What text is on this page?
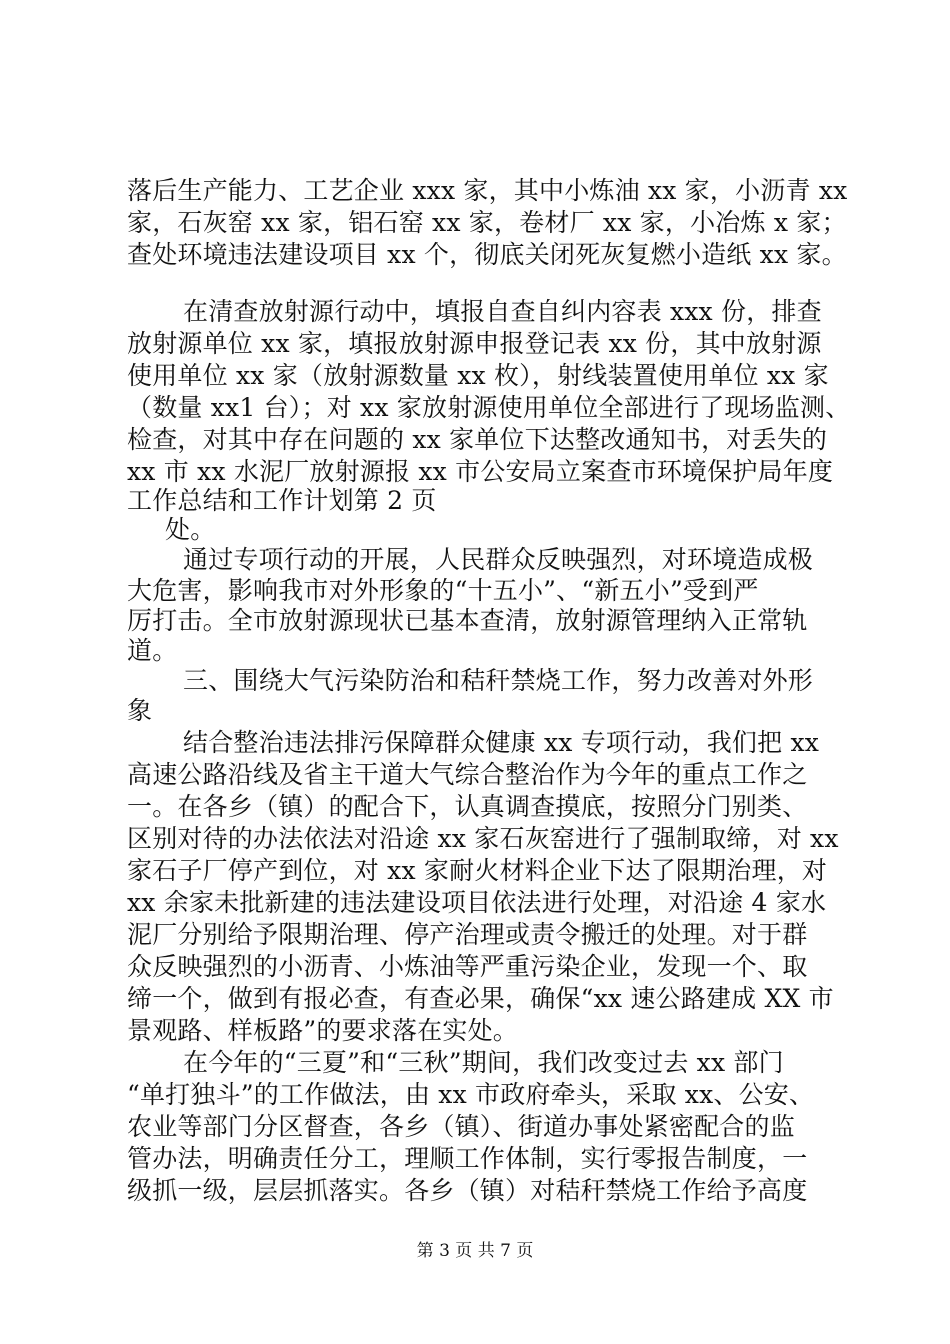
落后生产能力、工艺企业 xxx 家，其中小炼油 xx 家，小沥青 xx
家，石灰窑 xx 家，铝石窑 xx 家，卷材厂 xx 家，小冶炼 x 家；
查处环境违法建设项目 xx 个，彻底关闭死灰复燃小造纸 xx 家。
在清查放射源行动中，填报自查自纠内容表 xxx 份，排查
放射源单位 xx 家，填报放射源申报登记表 xx 份，其中放射源
使用单位 xx 家（放射源数量 xx 枚），射线装置使用单位 xx 家
（数量 xx1 台）；对 xx 家放射源使用单位全部进行了现场监测、
检查，对其中存在问题的 xx 家单位下达整改通知书，对丢失的
xx 市 xx 水泥厂放射源报 xx 市公安局立案查市环境保护局年度
工作总结和工作计划第 2 页
处。
通过专项行动的开展，人民群众反映强烈，对环境造成极
大危害，影响我市对外形象的“十五小”、“新五小”受到严
厉打击。全市放射源现状已基本查清，放射源管理纳入正常轨
道。
三、围绕大气污染防治和秸秆禁烧工作，努力改善对外形
象
结合整治违法排污保障群众健康 xx 专项行动，我们把 xx
高速公路沿线及省主干道大气综合整治作为今年的重点工作之
一。在各乡（镇）的配合下，认真调查摸底，按照分门别类、
区别对待的办法依法对沿途 xx 家石灰窑进行了强制取缔，对 xx
家石子厂停产到位，对 xx 家耐火材料企业下达了限期治理，对
xx 余家未批新建的违法建设项目依法进行处理，对沿途 4 家水
泥厂分别给予限期治理、停产治理或责令搬迁的处理。对于群
众反映强烈的小沥青、小炼油等严重污染企业，发现一个、取
缔一个，做到有报必查，有查必果，确保“xx 速公路建成 XX 市
景观路、样板路”的要求落在实处。
在今年的“三夏”和“三秋”期间，我们改变过去 xx 部门
“单打独斗”的工作做法，由 xx 市政府牵头，采取 xx、公安、
农业等部门分区督查，各乡（镇）、街道办事处紧密配合的监
管办法，明确责任分工，理顺工作体制，实行零报告制度，一
级抓一级，层层抓落实。各乡（镇）对秸秆禁烧工作给予高度
第 3 页 共 7 页
